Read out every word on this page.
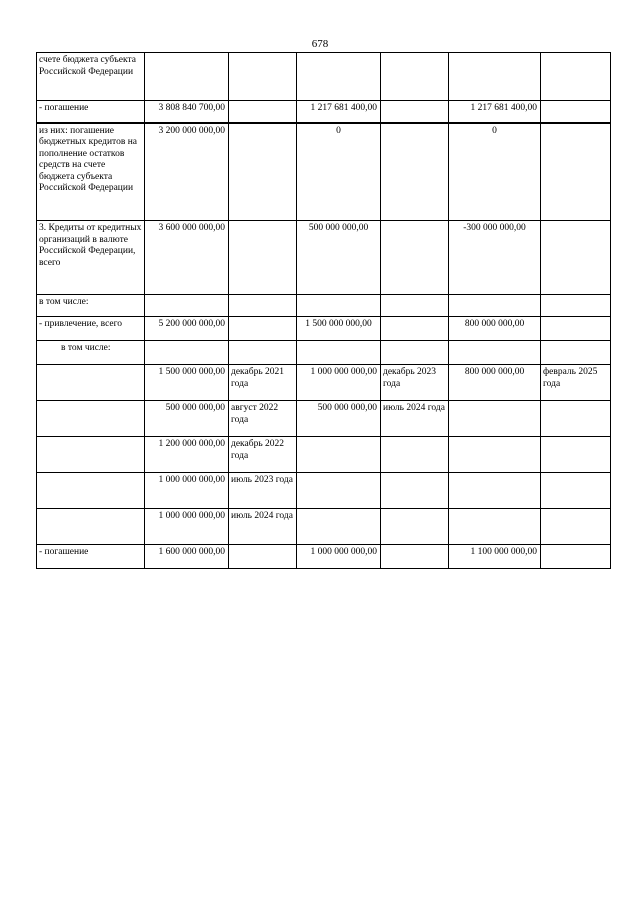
678
счете бюджета субъекта Российской Федерации						
- погашение	3 808 840 700,00		1 217 681 400,00		1 217 681 400,00	
из них: погашение бюджетных кредитов на пополнение остатков средств на счете бюджета субъекта Российской Федерации	3 200 000 000,00		0		0	
3. Кредиты от кредитных организаций в валюте Российской Федерации, всего	3 600 000 000,00		500 000 000,00		-300 000 000,00	
в том числе:						
- привлечение, всего	5 200 000 000,00		1 500 000 000,00		800 000 000,00	
в том числе:						
	1 500 000 000,00	декабрь 2021 года	1 000 000 000,00	декабрь 2023 года	800 000 000,00	февраль 2025 года
	500 000 000,00	август 2022 года	500 000 000,00	июль 2024 года		
	1 200 000 000,00	декабрь 2022 года				
	1 000 000 000,00	июль 2023 года				
	1 000 000 000,00	июль 2024 года				
- погашение	1 600 000 000,00		1 000 000 000,00		1 100 000 000,00	
